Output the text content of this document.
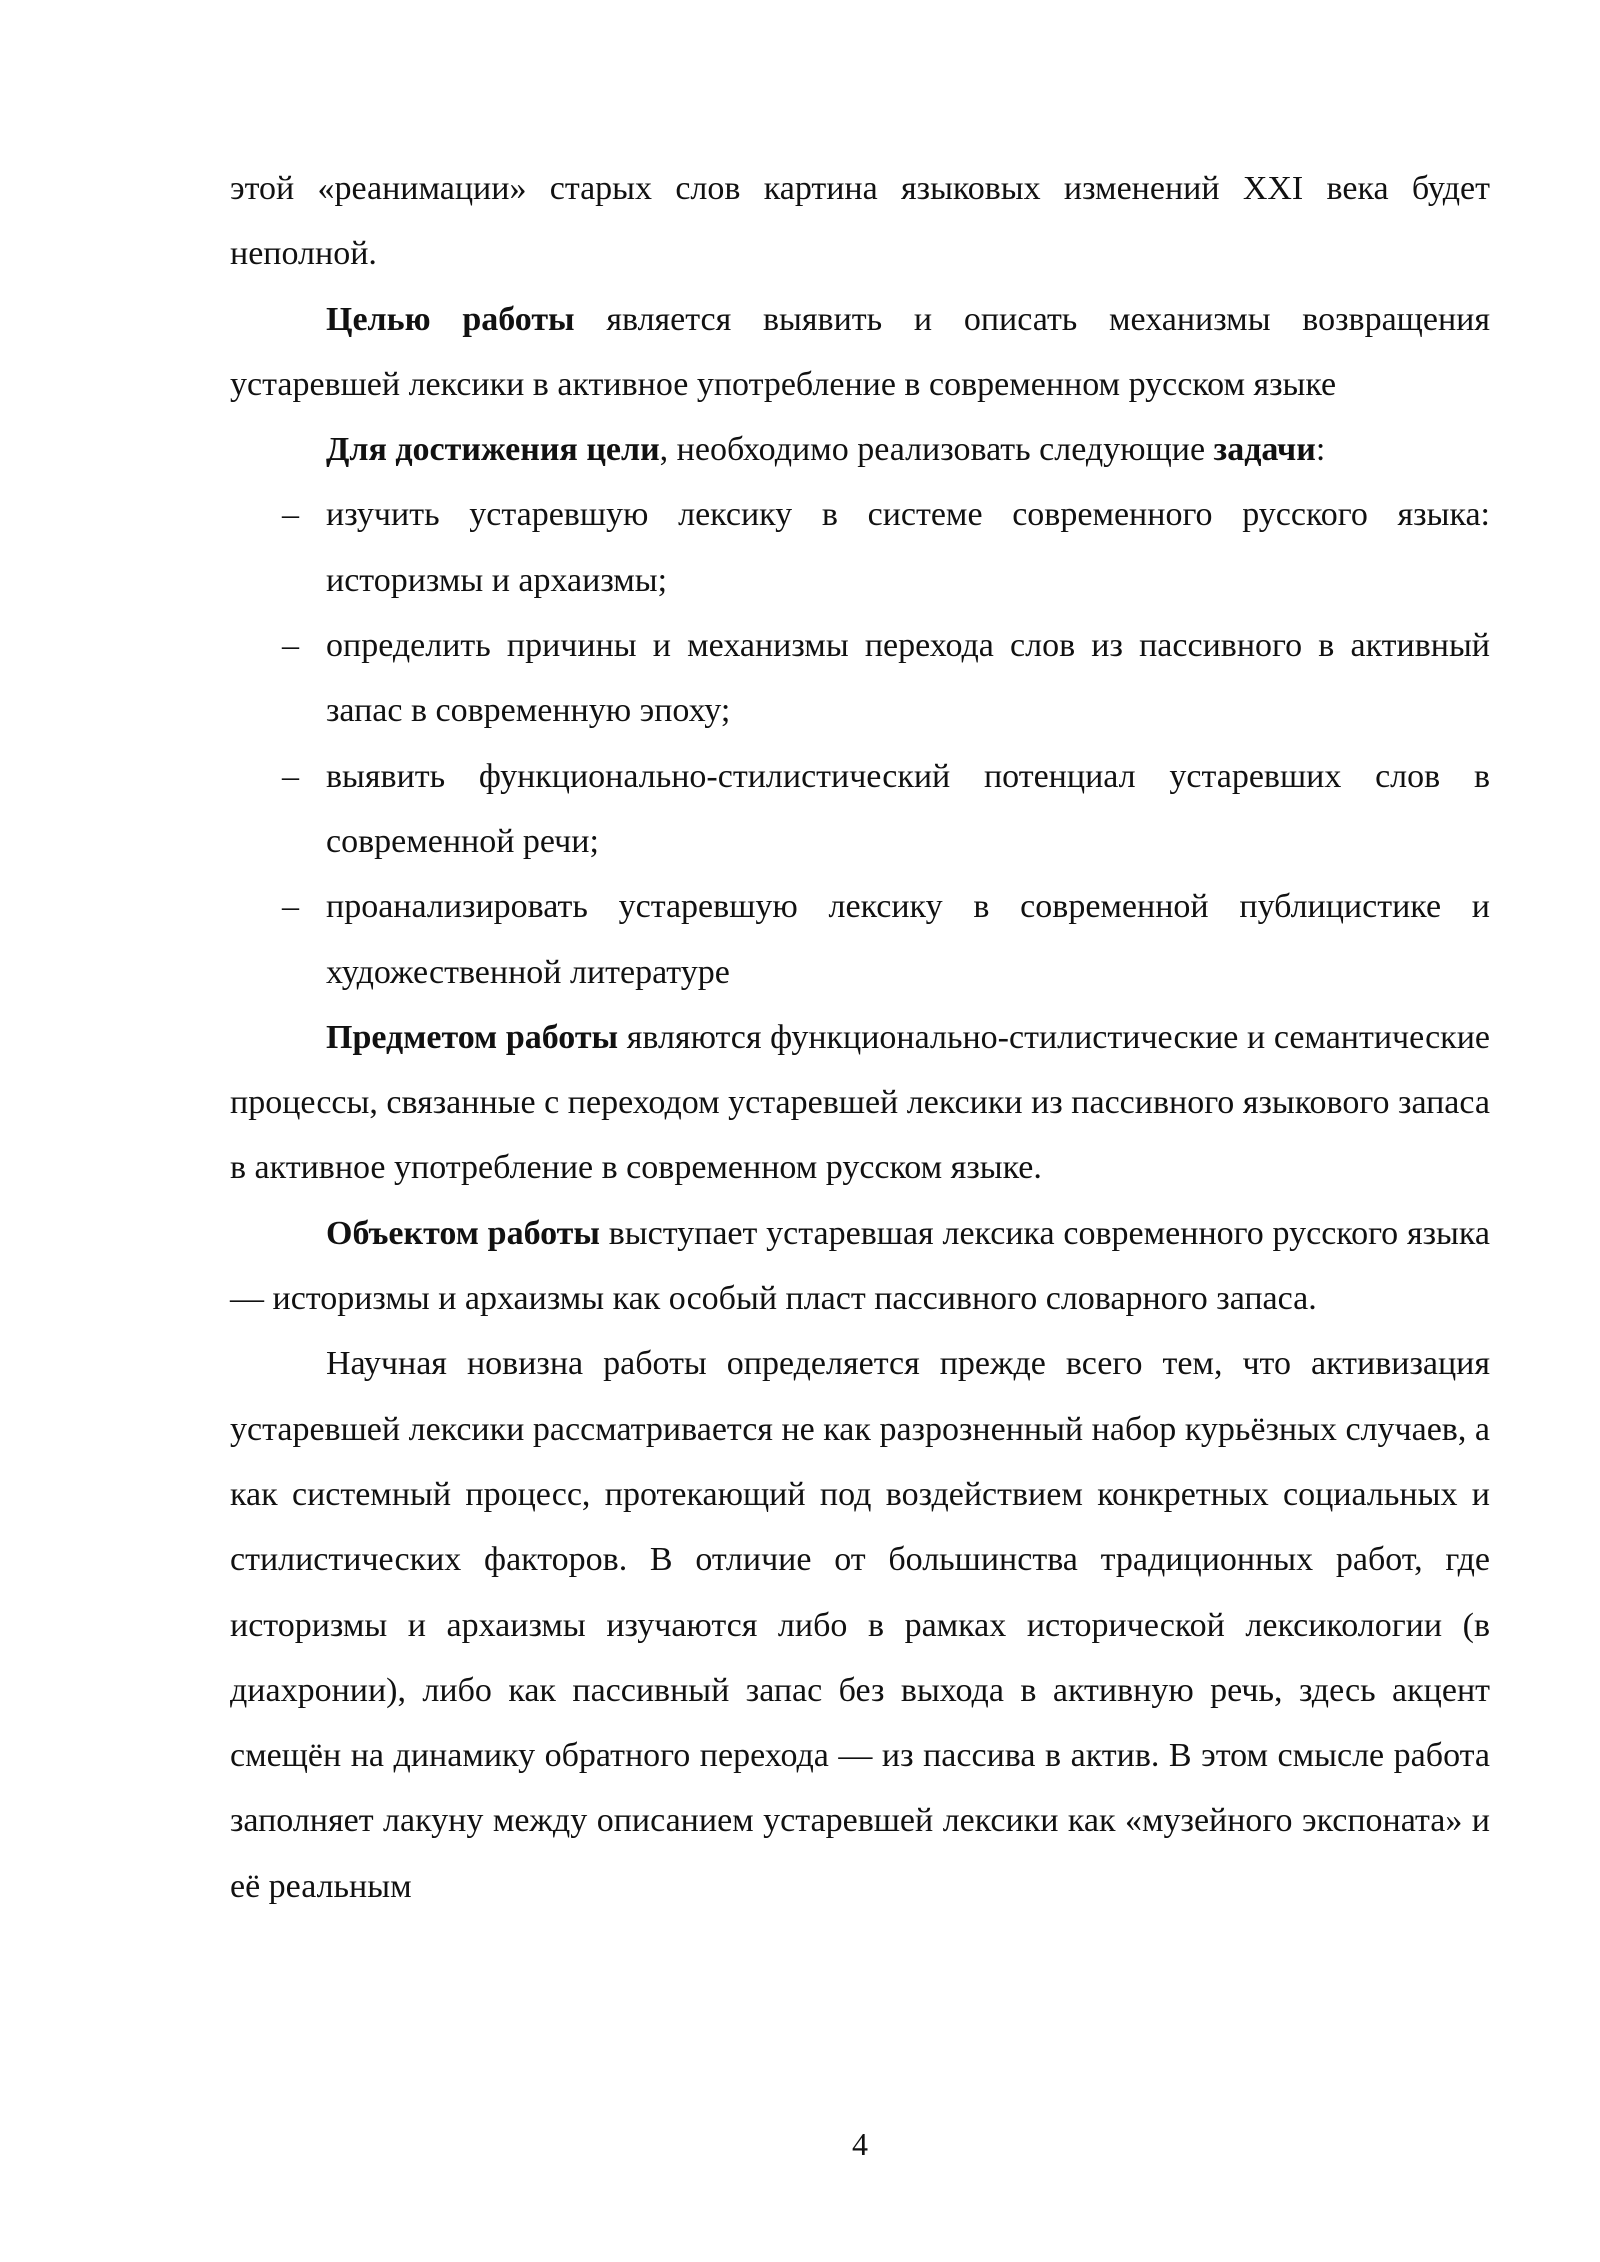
этой «реанимации» старых слов картина языковых изменений XXI века будет неполной.

Целью работы является выявить и описать механизмы возвращения устаревшей лексики в активное употребление в современном русском языке

Для достижения цели, необходимо реализовать следующие задачи:

– изучить устаревшую лексику в системе современного русского языка: историзмы и архаизмы;
– определить причины и механизмы перехода слов из пассивного в активный запас в современную эпоху;
– выявить функционально-стилистический потенциал устаревших слов в современной речи;
– проанализировать устаревшую лексику в современной публицистике и художественной литературе

Предметом работы являются функционально-стилистические и семантические процессы, связанные с переходом устаревшей лексики из пассивного языкового запаса в активное употребление в современном русском языке.

Объектом работы выступает устаревшая лексика современного русского языка — историзмы и архаизмы как особый пласт пассивного словарного запаса.

Научная новизна работы определяется прежде всего тем, что активизация устаревшей лексики рассматривается не как разрозненный набор курьёзных случаев, а как системный процесс, протекающий под воздействием конкретных социальных и стилистических факторов. В отличие от большинства традиционных работ, где историзмы и архаизмы изучаются либо в рамках исторической лексикологии (в диахронии), либо как пассивный запас без выхода в активную речь, здесь акцент смещён на динамику обратного перехода — из пассива в актив. В этом смысле работа заполняет лакуну между описанием устаревшей лексики как «музейного экспоната» и её реальным

4
